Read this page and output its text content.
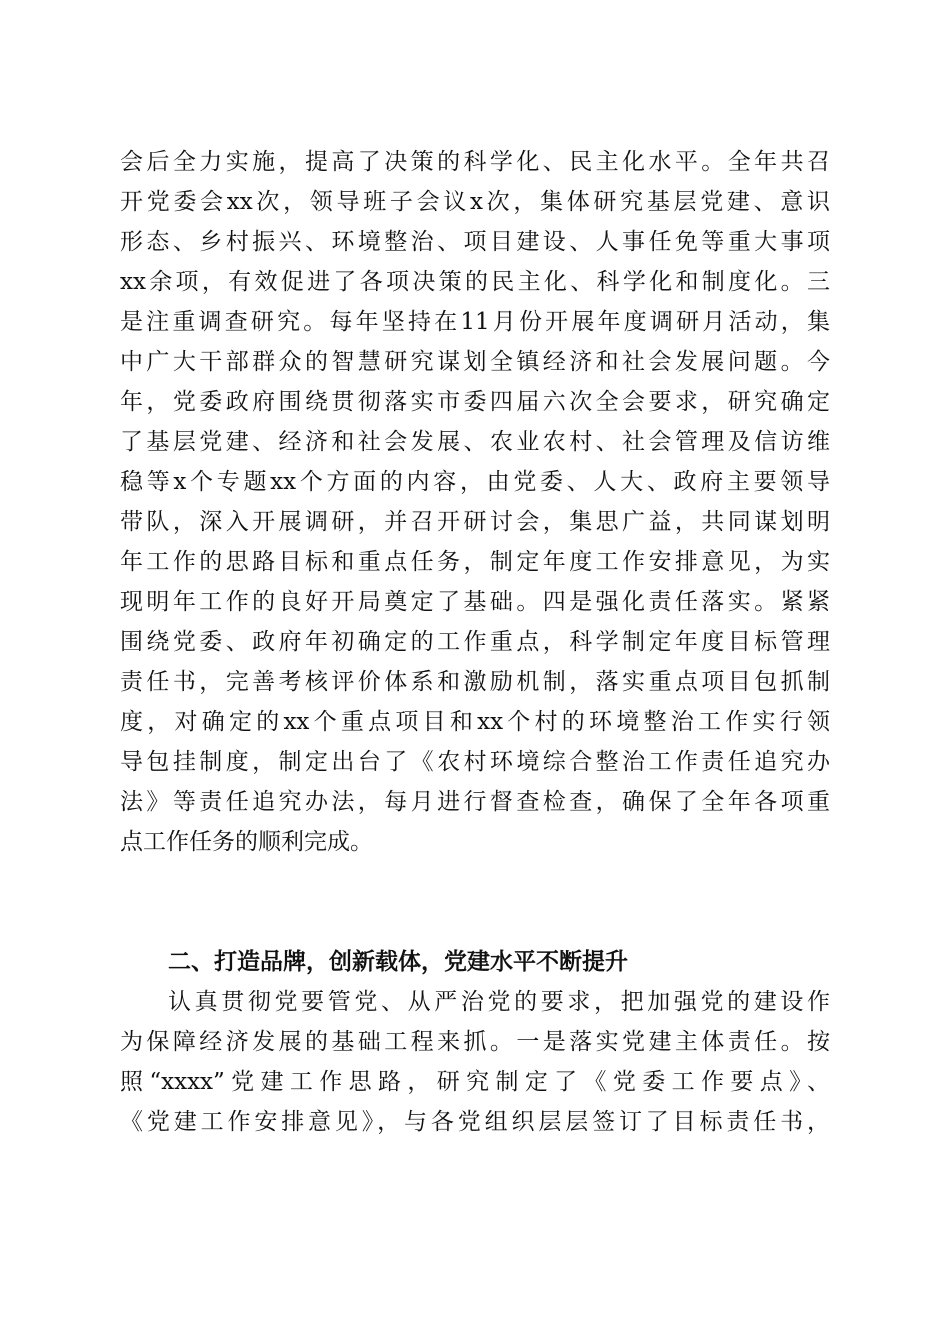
会后全力实施，提高了决策的科学化、民主化水平。全年共召
开党委会xx次，领导班子会议x次，集体研究基层党建、意识
形态、乡村振兴、环境整治、项目建设、人事任免等重大事项
xx余项，有效促进了各项决策的民主化、科学化和制度化。三
是注重调查研究。每年坚持在11月份开展年度调研月活动，集
中广大干部群众的智慧研究谋划全镇经济和社会发展问题。今
年，党委政府围绕贯彻落实市委四届六次全会要求，研究确定
了基层党建、经济和社会发展、农业农村、社会管理及信访维
稳等x个专题xx个方面的内容，由党委、人大、政府主要领导
带队，深入开展调研，并召开研讨会，集思广益，共同谋划明
年工作的思路目标和重点任务，制定年度工作安排意见，为实
现明年工作的良好开局奠定了基础。四是强化责任落实。紧紧
围绕党委、政府年初确定的工作重点，科学制定年度目标管理
责任书，完善考核评价体系和激励机制，落实重点项目包抓制
度，对确定的xx个重点项目和xx个村的环境整治工作实行领
导包挂制度，制定出台了《农村环境综合整治工作责任追究办
法》等责任追究办法，每月进行督查检查，确保了全年各项重
点工作任务的顺利完成。
二、打造品牌，创新载体，党建水平不断提升
认真贯彻党要管党、从严治党的要求，把加强党的建设作
为保障经济发展的基础工程来抓。一是落实党建主体责任。按
照“xxxx”党建工作思路，研究制定了《党委工作要点》、
《党建工作安排意见》，与各党组织层层签订了目标责任书，
